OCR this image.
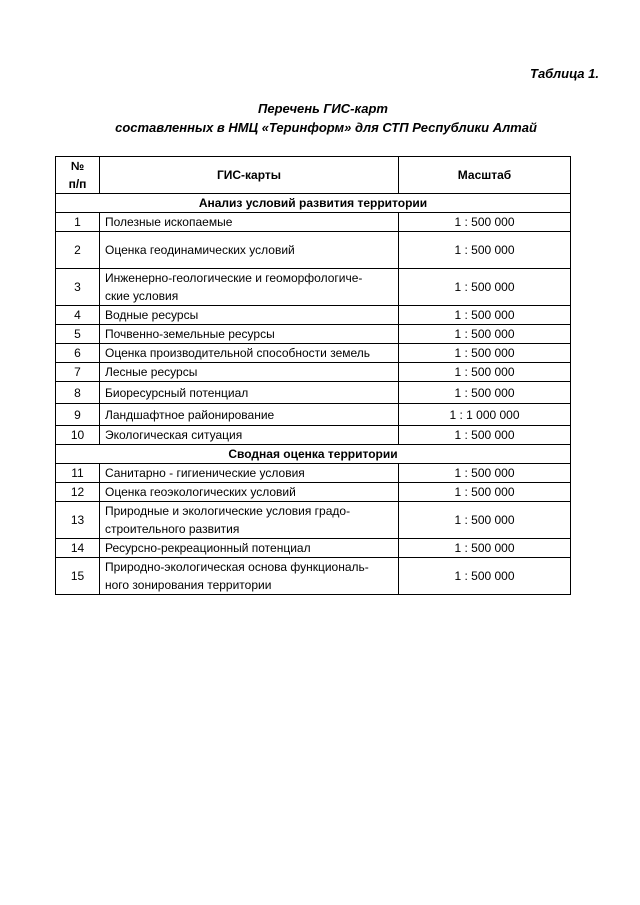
Таблица 1.
Перечень ГИС-карт
составленных в НМЦ «Теринформ» для СТП Республики Алтай
№
п/п	ГИС-карты	Масштаб
Анализ условий развития территории		
1	Полезные ископаемые	1 : 500 000
2	Оценка геодинамических условий	1 : 500 000
3	Инженерно-геологические и геоморфологиче-
ские условия	1 : 500 000
4	Водные ресурсы	1 : 500 000
5	Почвенно-земельные ресурсы	1 : 500 000
6	Оценка производительной способности земель	1 : 500 000
7	Лесные ресурсы	1 : 500 000
8	Биоресурсный потенциал	1 : 500 000
9	Ландшафтное районирование	1 : 1 000 000
10	Экологическая ситуация	1 : 500 000
Сводная оценка территории		
11	Санитарно - гигиенические условия	1 : 500 000
12	Оценка геоэкологических условий	1 : 500 000
13	Природные и экологические условия градо-
строительного развития	1 : 500 000
14	Ресурсно-рекреационный потенциал	1 : 500 000
15	Природно-экологическая основа функциональ-
ного зонирования территории	1 : 500 000
